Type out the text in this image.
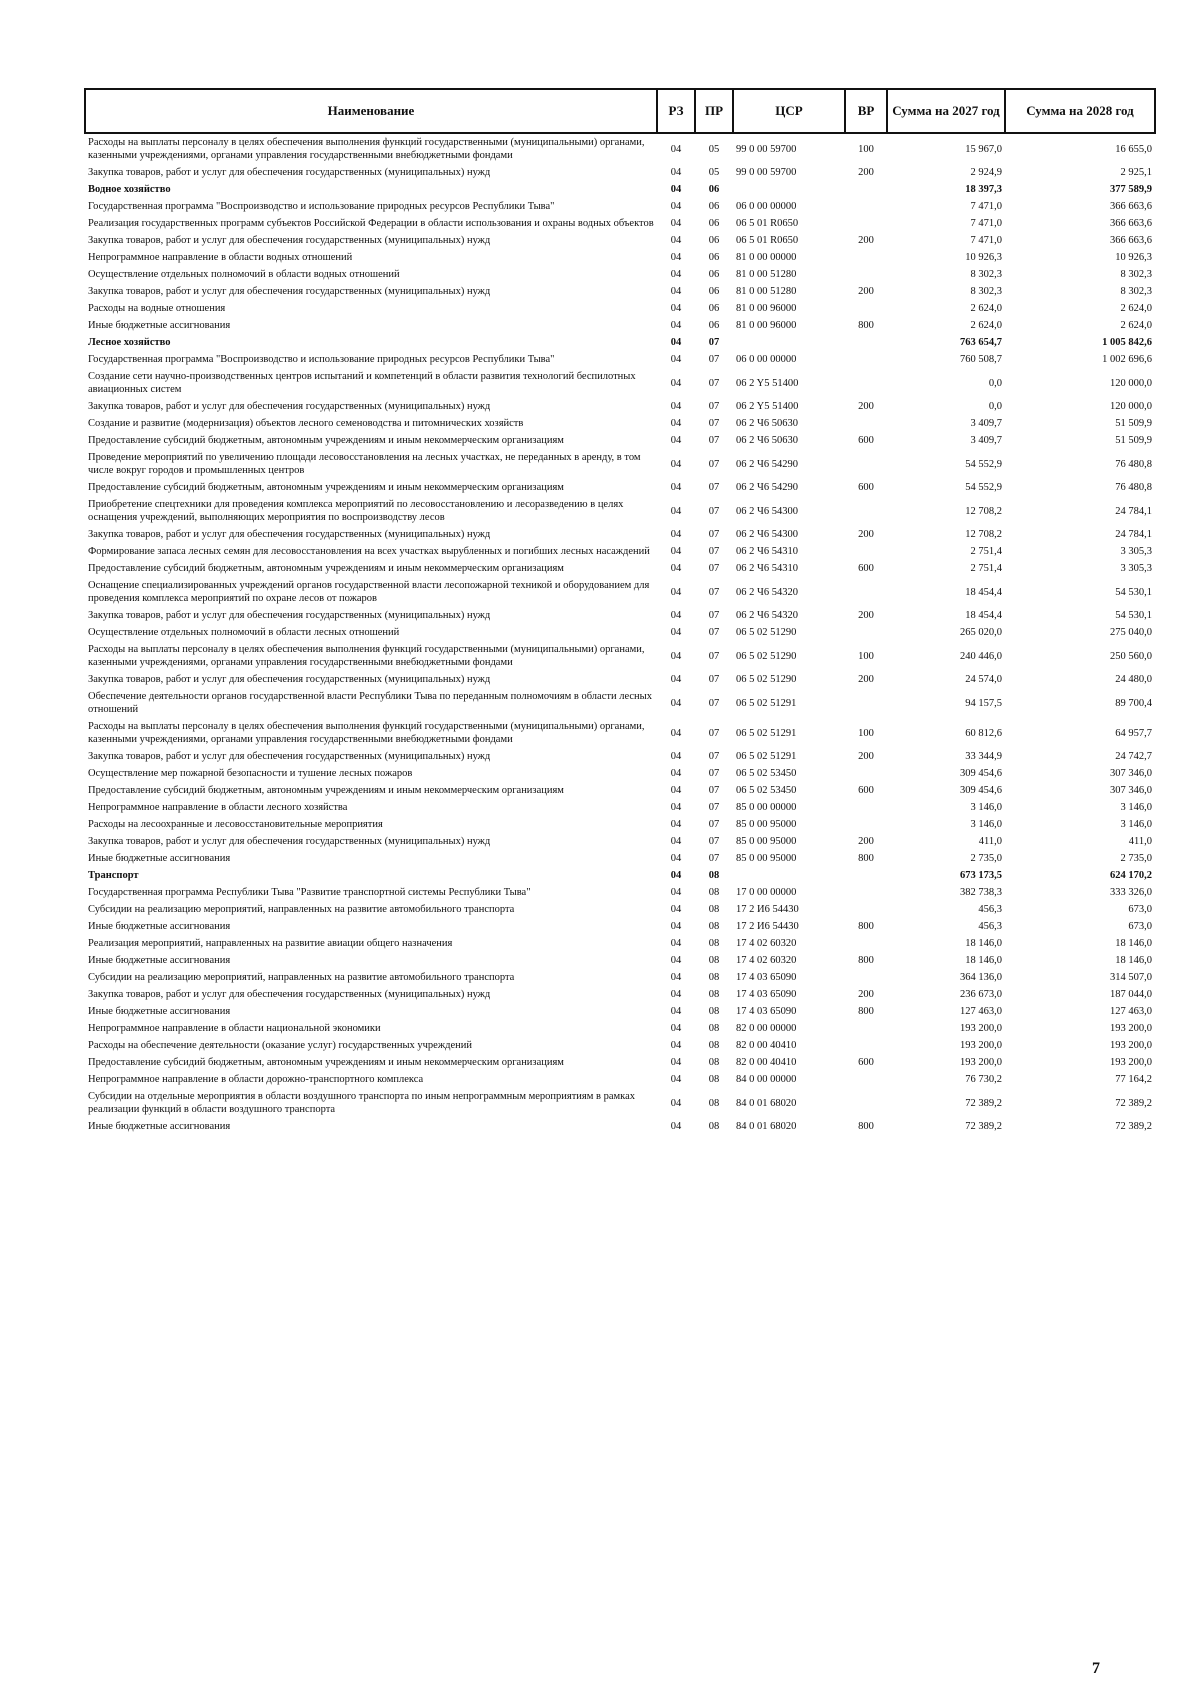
Наименование	РЗ	ПР	ЦСР	ВР	Сумма на 2027 год	Сумма на 2028 год
Расходы на выплаты персоналу в целях обеспечения выполнения функций государственными (муниципальными) органами, казенными учреждениями, органами управления государственными внебюджетными фондами	04	05	99 0 00 59700	100	15 967,0	16 655,0
Закупка товаров, работ и услуг для обеспечения государственных (муниципальных) нужд	04	05	99 0 00 59700	200	2 924,9	2 925,1
Водное хозяйство	04	06			18 397,3	377 589,9
Государственная программа "Воспроизводство и использование природных ресурсов Республики Тыва"	04	06	06 0 00 00000		7 471,0	366 663,6
Реализация государственных программ субъектов Российской Федерации в области использования и охраны водных объектов	04	06	06 5 01 R0650		7 471,0	366 663,6
Закупка товаров, работ и услуг для обеспечения государственных (муниципальных) нужд	04	06	06 5 01 R0650	200	7 471,0	366 663,6
Непрограммное направление в области водных отношений	04	06	81 0 00 00000		10 926,3	10 926,3
Осуществление отдельных полномочий в области водных отношений	04	06	81 0 00 51280		8 302,3	8 302,3
Закупка товаров, работ и услуг для обеспечения государственных (муниципальных) нужд	04	06	81 0 00 51280	200	8 302,3	8 302,3
Расходы на водные отношения	04	06	81 0 00 96000		2 624,0	2 624,0
Иные бюджетные ассигнования	04	06	81 0 00 96000	800	2 624,0	2 624,0
Лесное хозяйство	04	07			763 654,7	1 005 842,6
Государственная программа "Воспроизводство и использование природных ресурсов Республики Тыва"	04	07	06 0 00 00000		760 508,7	1 002 696,6
Создание сети научно-производственных центров испытаний и компетенций в области развития технологий беспилотных авиационных систем	04	07	06 2 Y5 51400		0,0	120 000,0
Закупка товаров, работ и услуг для обеспечения государственных (муниципальных) нужд	04	07	06 2 Y5 51400	200	0,0	120 000,0
Создание и развитие (модернизация) объектов лесного семеноводства и питомнических хозяйств	04	07	06 2 Ч6 50630		3 409,7	51 509,9
Предоставление субсидий бюджетным, автономным учреждениям и иным некоммерческим организациям	04	07	06 2 Ч6 50630	600	3 409,7	51 509,9
Проведение мероприятий по увеличению площади лесовосстановления на лесных участках, не переданных в аренду, в том числе вокруг городов и промышленных центров	04	07	06 2 Ч6 54290		54 552,9	76 480,8
Предоставление субсидий бюджетным, автономным учреждениям и иным некоммерческим организациям	04	07	06 2 Ч6 54290	600	54 552,9	76 480,8
Приобретение спецтехники для проведения комплекса мероприятий по лесовосстановлению и лесоразведению в целях оснащения учреждений, выполняющих мероприятия по воспроизводству лесов	04	07	06 2 Ч6 54300		12 708,2	24 784,1
Закупка товаров, работ и услуг для обеспечения государственных (муниципальных) нужд	04	07	06 2 Ч6 54300	200	12 708,2	24 784,1
Формирование запаса лесных семян для лесовосстановления на всех участках вырубленных и погибших лесных насаждений	04	07	06 2 Ч6 54310		2 751,4	3 305,3
Предоставление субсидий бюджетным, автономным учреждениям и иным некоммерческим организациям	04	07	06 2 Ч6 54310	600	2 751,4	3 305,3
Оснащение специализированных учреждений органов государственной власти лесопожарной техникой и оборудованием для проведения комплекса мероприятий по охране лесов от пожаров	04	07	06 2 Ч6 54320		18 454,4	54 530,1
Закупка товаров, работ и услуг для обеспечения государственных (муниципальных) нужд	04	07	06 2 Ч6 54320	200	18 454,4	54 530,1
Осуществление отдельных полномочий в области лесных отношений	04	07	06 5 02 51290		265 020,0	275 040,0
Расходы на выплаты персоналу в целях обеспечения выполнения функций государственными (муниципальными) органами, казенными учреждениями, органами управления государственными внебюджетными фондами	04	07	06 5 02 51290	100	240 446,0	250 560,0
Закупка товаров, работ и услуг для обеспечения государственных (муниципальных) нужд	04	07	06 5 02 51290	200	24 574,0	24 480,0
Обеспечение деятельности органов государственной власти Республики Тыва по переданным полномочиям в области лесных отношений	04	07	06 5 02 51291		94 157,5	89 700,4
Расходы на выплаты персоналу в целях обеспечения выполнения функций государственными (муниципальными) органами, казенными учреждениями, органами управления государственными внебюджетными фондами	04	07	06 5 02 51291	100	60 812,6	64 957,7
Закупка товаров, работ и услуг для обеспечения государственных (муниципальных) нужд	04	07	06 5 02 51291	200	33 344,9	24 742,7
Осуществление мер пожарной безопасности и тушение лесных пожаров	04	07	06 5 02 53450		309 454,6	307 346,0
Предоставление субсидий бюджетным, автономным учреждениям и иным некоммерческим организациям	04	07	06 5 02 53450	600	309 454,6	307 346,0
Непрограммное направление в области лесного хозяйства	04	07	85 0 00 00000		3 146,0	3 146,0
Расходы на лесоохранные и лесовосстановительные мероприятия	04	07	85 0 00 95000		3 146,0	3 146,0
Закупка товаров, работ и услуг для обеспечения государственных (муниципальных) нужд	04	07	85 0 00 95000	200	411,0	411,0
Иные бюджетные ассигнования	04	07	85 0 00 95000	800	2 735,0	2 735,0
Транспорт	04	08			673 173,5	624 170,2
Государственная программа Республики Тыва "Развитие транспортной системы Республики Тыва"	04	08	17 0 00 00000		382 738,3	333 326,0
Субсидии на реализацию мероприятий, направленных на развитие автомобильного транспорта	04	08	17 2 И6 54430		456,3	673,0
Иные бюджетные ассигнования	04	08	17 2 И6 54430	800	456,3	673,0
Реализация мероприятий, направленных на развитие авиации общего назначения	04	08	17 4 02 60320		18 146,0	18 146,0
Иные бюджетные ассигнования	04	08	17 4 02 60320	800	18 146,0	18 146,0
Субсидии на реализацию мероприятий, направленных на развитие автомобильного транспорта	04	08	17 4 03 65090		364 136,0	314 507,0
Закупка товаров, работ и услуг для обеспечения государственных (муниципальных) нужд	04	08	17 4 03 65090	200	236 673,0	187 044,0
Иные бюджетные ассигнования	04	08	17 4 03 65090	800	127 463,0	127 463,0
Непрограммное направление в области национальной экономики	04	08	82 0 00 00000		193 200,0	193 200,0
Расходы на обеспечение деятельности (оказание услуг) государственных учреждений	04	08	82 0 00 40410		193 200,0	193 200,0
Предоставление субсидий бюджетным, автономным учреждениям и иным некоммерческим организациям	04	08	82 0 00 40410	600	193 200,0	193 200,0
Непрограммное направление в области дорожно-транспортного комплекса	04	08	84 0 00 00000		76 730,2	77 164,2
Субсидии на отдельные мероприятия в области воздушного транспорта по иным непрограммным мероприятиям в рамках реализации функций в области воздушного транспорта	04	08	84 0 01 68020		72 389,2	72 389,2
Иные бюджетные ассигнования	04	08	84 0 01 68020	800	72 389,2	72 389,2
7
